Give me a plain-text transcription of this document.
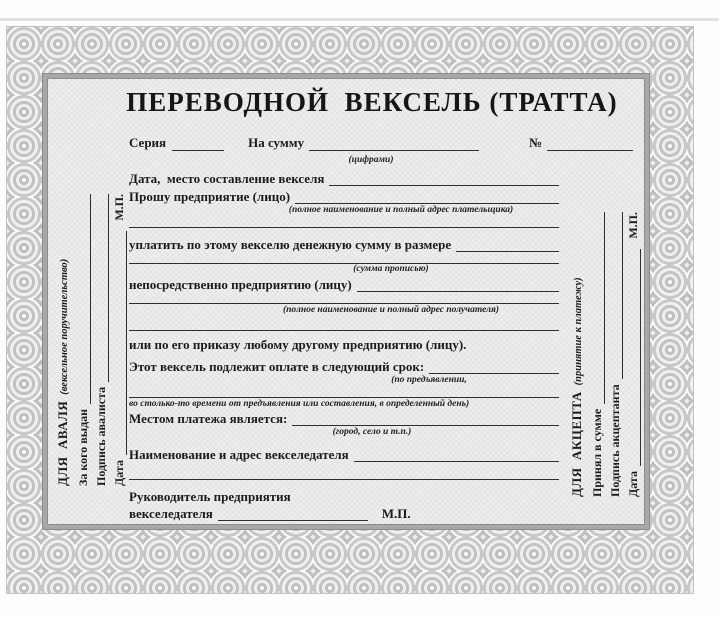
ПЕРЕВОДНОЙ  ВЕКСЕЛЬ (ТРАТТА)
Серия	На сумму	№
(цифрами)
Дата,  место составление векселя
Прошу предприятие (лицо)
(полное наименование и полный адрес плательщика)
уплатить по этому векселю денежную сумму в размере
(сумма прописью)
непосредственно предприятию (лицу)
(полное наименование и полный адрес получателя)
или по его приказу любому другому предприятию (лицу).
Этот вексель подлежит оплате в следующий срок:
(по предъявлении,
во столько-то времени от предъявления или составления, в определенный день)
Местом платежа является:
(город, село и т.п.)
Наименование и адрес векселедателя
Руководитель предприятия
векселедателя	М.П.
ДЛЯ  АВАЛЯ
(вексельное поручительство)
За кого выдан Подпись авалиста Дата
М.П.
ДЛЯ  АКЦЕПТА
(принятие к платежу)
Принял в сумме Подпись акцептанта Дата
М.П.
